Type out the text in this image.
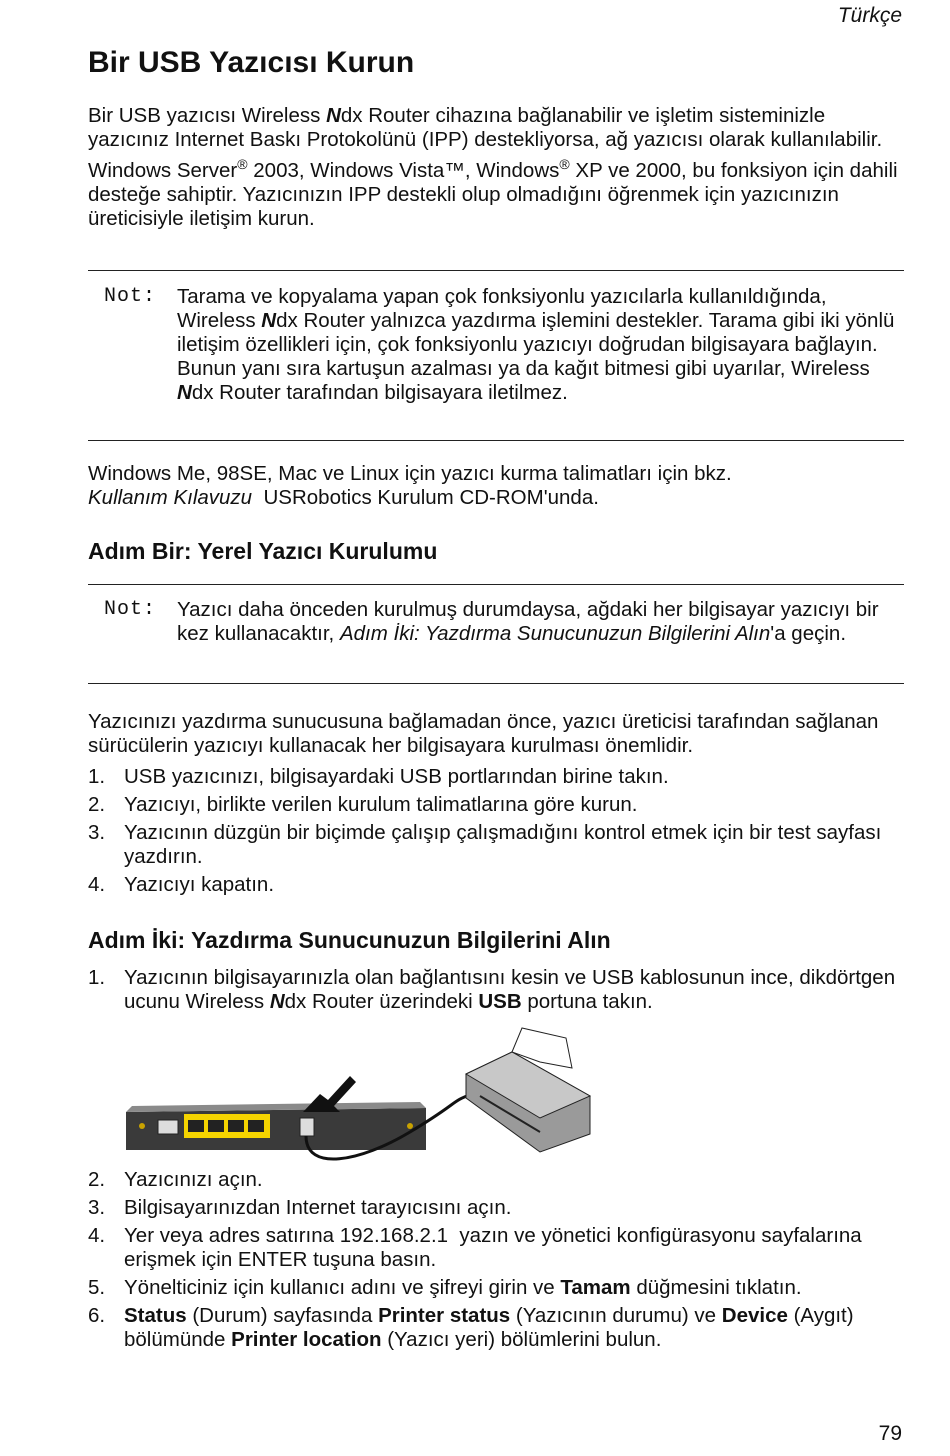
Türkçe
Bir USB Yazıcısı Kurun
Bir USB yazıcısı Wireless Ndx Router cihazına bağlanabilir ve işletim sisteminizle yazıcınız Internet Baskı Protokolünü (IPP) destekliyorsa, ağ yazıcısı olarak kullanılabilir. Windows Server® 2003, Windows Vista™, Windows® XP ve 2000, bu fonksiyon için dahili desteğe sahiptir. Yazıcınızın IPP destekli olup olmadığını öğrenmek için yazıcınızın üreticisiyle iletişim kurun.
Not: Tarama ve kopyalama yapan çok fonksiyonlu yazıcılarla kullanıldığında, Wireless Ndx Router yalnızca yazdırma işlemini destekler. Tarama gibi iki yönlü iletişim özellikleri için, çok fonksiyonlu yazıcıyı doğrudan bilgisayara bağlayın. Bunun yanı sıra kartuşun azalması ya da kağıt bitmesi gibi uyarılar, Wireless Ndx Router tarafından bilgisayara iletilmez.
Windows Me, 98SE, Mac ve Linux için yazıcı kurma talimatları için bkz.
Kullanım Kılavuzu  USRobotics Kurulum CD-ROM'unda.
Adım Bir: Yerel Yazıcı Kurulumu
Not: Yazıcı daha önceden kurulmuş durumdaysa, ağdaki her bilgisayar yazıcıyı bir kez kullanacaktır, Adım İki: Yazdırma Sunucunuzun Bilgilerini Alın'a geçin.
Yazıcınızı yazdırma sunucusuna bağlamadan önce, yazıcı üreticisi tarafından sağlanan sürücülerin yazıcıyı kullanacak her bilgisayara kurulması önemlidir.
1. USB yazıcınızı, bilgisayardaki USB portlarından birine takın.
2. Yazıcıyı, birlikte verilen kurulum talimatlarına göre kurun.
3. Yazıcının düzgün bir biçimde çalışıp çalışmadığını kontrol etmek için bir test sayfası yazdırın.
4. Yazıcıyı kapatın.
Adım İki: Yazdırma Sunucunuzun Bilgilerini Alın
1. Yazıcının bilgisayarınızla olan bağlantısını kesin ve USB kablosunun ince, dikdörtgen ucunu Wireless Ndx Router üzerindeki USB portuna takın.
2. Yazıcınızı açın.
3. Bilgisayarınızdan Internet tarayıcısını açın.
4. Yer veya adres satırına 192.168.2.1  yazın ve yönetici konfigürasyonu sayfalarına erişmek için ENTER tuşuna basın.
5. Yönelticiniz için kullanıcı adını ve şifreyi girin ve Tamam düğmesini tıklatın.
6. Status (Durum) sayfasında Printer status (Yazıcının durumu) ve Device (Aygıt) bölümünde Printer location (Yazıcı yeri) bölümlerini bulun.
79
